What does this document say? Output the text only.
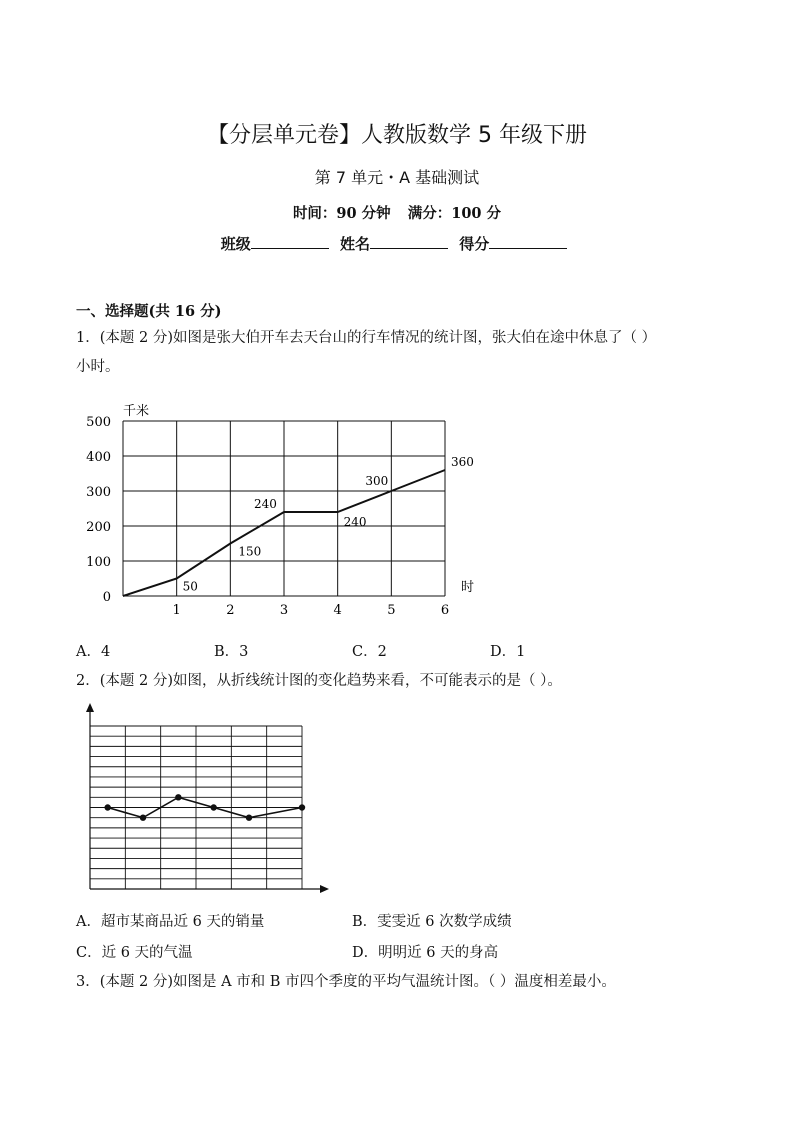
【分层单元卷】人教版数学 5 年级下册
第 7 单元・A 基础测试
时间：90 分钟 满分：100 分
班级	姓名	得分
一、选择题(共 16 分)
1．(本题 2 分)如图是张大伯开车去天台山的行车情况的统计图，张大伯在途中休息了（ ）
小时。
0
100
200
300
400
500
1	2	3	4	5	6
千米
时
50
150
240
240
300
360
A．4	B．3	C．2	D．1
2．(本题 2 分)如图，从折线统计图的变化趋势来看，不可能表示的是（ ）。
A．超市某商品近 6 天的销量	B．雯雯近 6 次数学成绩
C．近 6 天的气温	D．明明近 6 天的身高
3．(本题 2 分)如图是 A 市和 B 市四个季度的平均气温统计图。（ ）温度相差最小。
